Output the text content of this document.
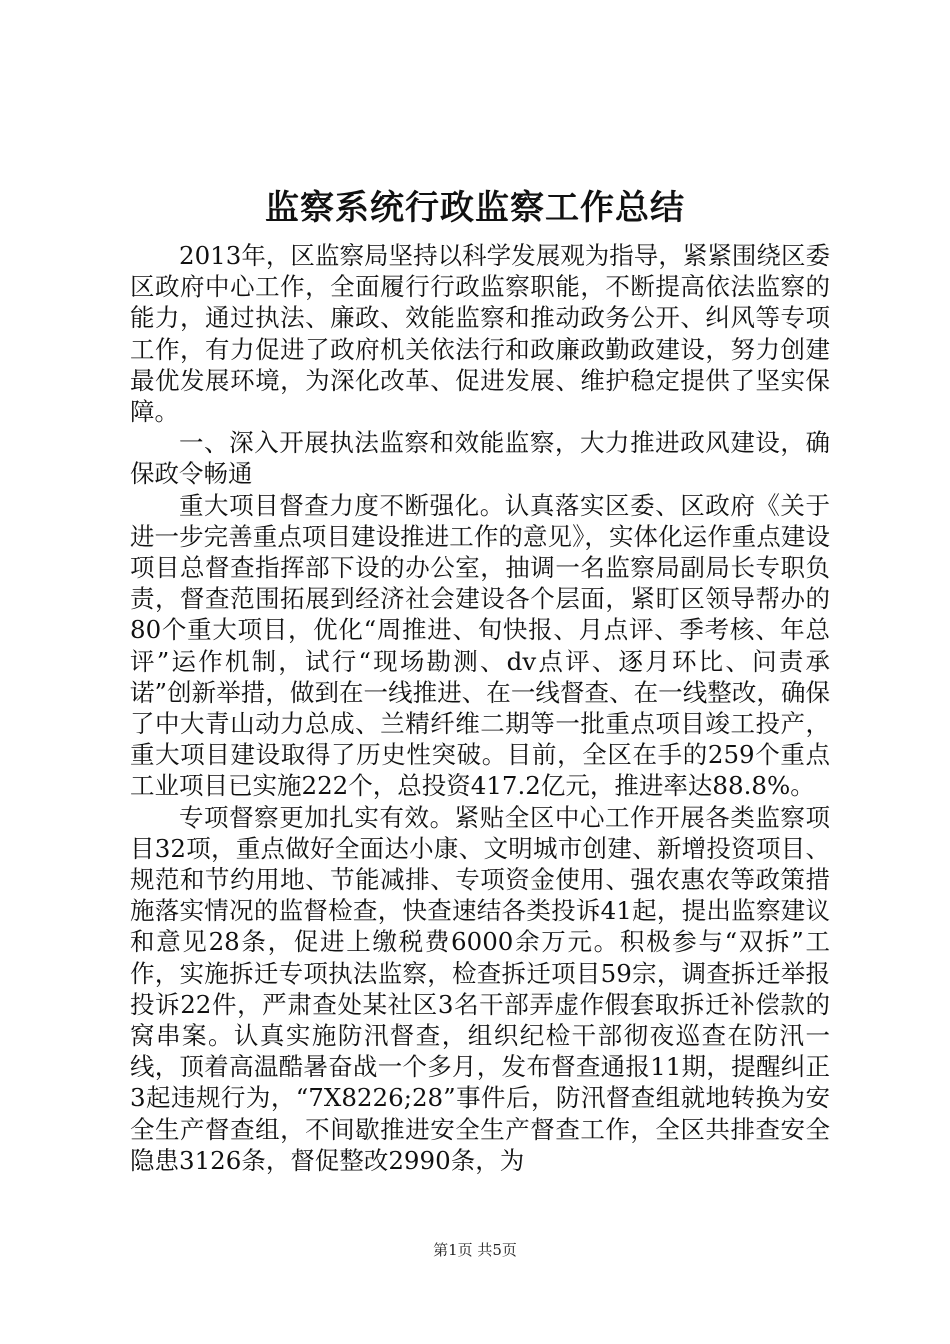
监察系统行政监察工作总结

2013年，区监察局坚持以科学发展观为指导，紧紧围绕区委区政府中心工作，全面履行行政监察职能，不断提高依法监察的能力，通过执法、廉政、效能监察和推动政务公开、纠风等专项工作，有力促进了政府机关依法行和政廉政勤政建设，努力创建最优发展环境，为深化改革、促进发展、维护稳定提供了坚实保障。

一、深入开展执法监察和效能监察，大力推进政风建设，确保政令畅通

重大项目督查力度不断强化。认真落实区委、区政府《关于进一步完善重点项目建设推进工作的意见》，实体化运作重点建设项目总督查指挥部下设的办公室，抽调一名监察局副局长专职负责，督查范围拓展到经济社会建设各个层面，紧盯区领导帮办的80个重大项目，优化“周推进、旬快报、月点评、季考核、年总评”运作机制，试行“现场勘测、dv点评、逐月环比、问责承诺”创新举措，做到在一线推进、在一线督查、在一线整改，确保了中大青山动力总成、兰精纤维二期等一批重点项目竣工投产，重大项目建设取得了历史性突破。目前，全区在手的259个重点工业项目已实施222个，总投资417.2亿元，推进率达88.8%。

专项督察更加扎实有效。紧贴全区中心工作开展各类监察项目32项，重点做好全面达小康、文明城市创建、新增投资项目、规范和节约用地、节能减排、专项资金使用、强农惠农等政策措施落实情况的监督检查，快查速结各类投诉41起，提出监察建议和意见28条，促进上缴税费6000余万元。积极参与“双拆”工作，实施拆迁专项执法监察，检查拆迁项目59宗，调查拆迁举报投诉22件，严肃查处某社区3名干部弄虚作假套取拆迁补偿款的窝串案。认真实施防汛督查，组织纪检干部彻夜巡查在防汛一线，顶着高温酷暑奋战一个多月，发布督查通报11期，提醒纠正3起违规行为，“7X8226;28”事件后，防汛督查组就地转换为安全生产督查组，不间歇推进安全生产督查工作，全区共排查安全隐患3126条，督促整改2990条，为

第1页 共5页
